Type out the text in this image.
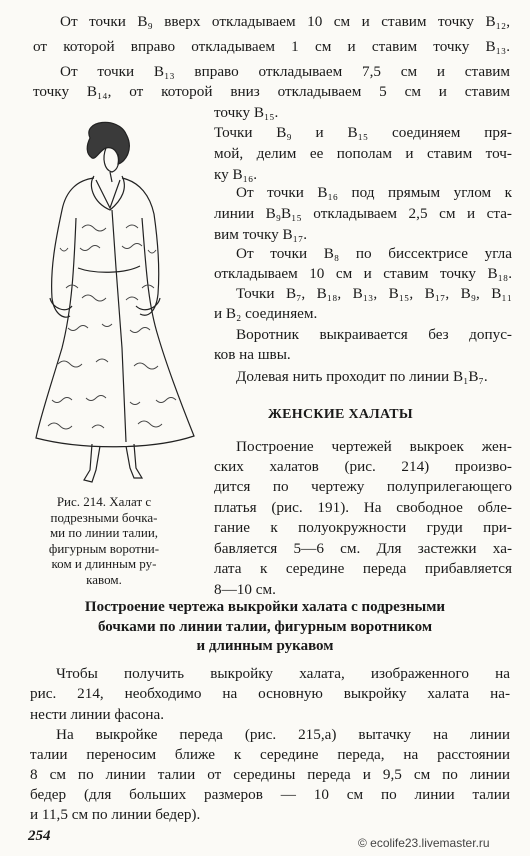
От точки В₉ вверх откладываем 10 см и ставим точку В₁₂,
от которой вправо откладываем 1 см и ставим точку В₁₃.
От точки В₁₃ вправо откладываем 7,5 см и ставим
точку В₁₄, от которой вниз откладываем 5 см и ставим
точку В₁₅.
Точки В₉ и В₁₅ соединяем пря-
мой, делим ее пополам и ставим точ-
ку В₁₆.
От точки В₁₆ под прямым углом к
линии В₉В₁₅ откладываем 2,5 см и ста-
вим точку В₁₇.
От точки В₈ по биссектрисе угла
откладываем 10 см и ставим точку В₁₈.
Точки В₇, В₁₈, В₁₃, В₁₅, В₁₇, В₉, В₁₁
и В₂ соединяем.
Воротник выкраивается без допус-
ков на швы.
Долевая нить проходит по линии В₁В₇.
ЖЕНСКИЕ ХАЛАТЫ
Построение чертежей выкроек жен-
ских халатов (рис. 214) произво-
дится по чертежу полуприлегающего
платья (рис. 191). На свободное обле-
гание к полуокружности груди при-
бавляется 5—6 см. Для застежки ха-
лата к середине переда прибавляется
8—10 см.
Рис. 214. Халат с
подрезными бочка-
ми по линии талии,
фигурным воротни-
ком и длинным ру-
кавом.
Построение чертежа выкройки халата с подрезными
бочками по линии талии, фигурным воротником
и длинным рукавом
Чтобы получить выкройку халата, изображенного на
рис. 214, необходимо на основную выкройку халата на-
нести линии фасона.
На выкройке переда (рис. 215,а) вытачку на линии
талии переносим ближе к середине переда, на расстоянии
8 см по линии талии от середины переда и 9,5 см по линии
бедер (для больших размеров — 10 см по линии талии
и 11,5 см по линии бедер).
254	© ecolife23.livemaster.ru
